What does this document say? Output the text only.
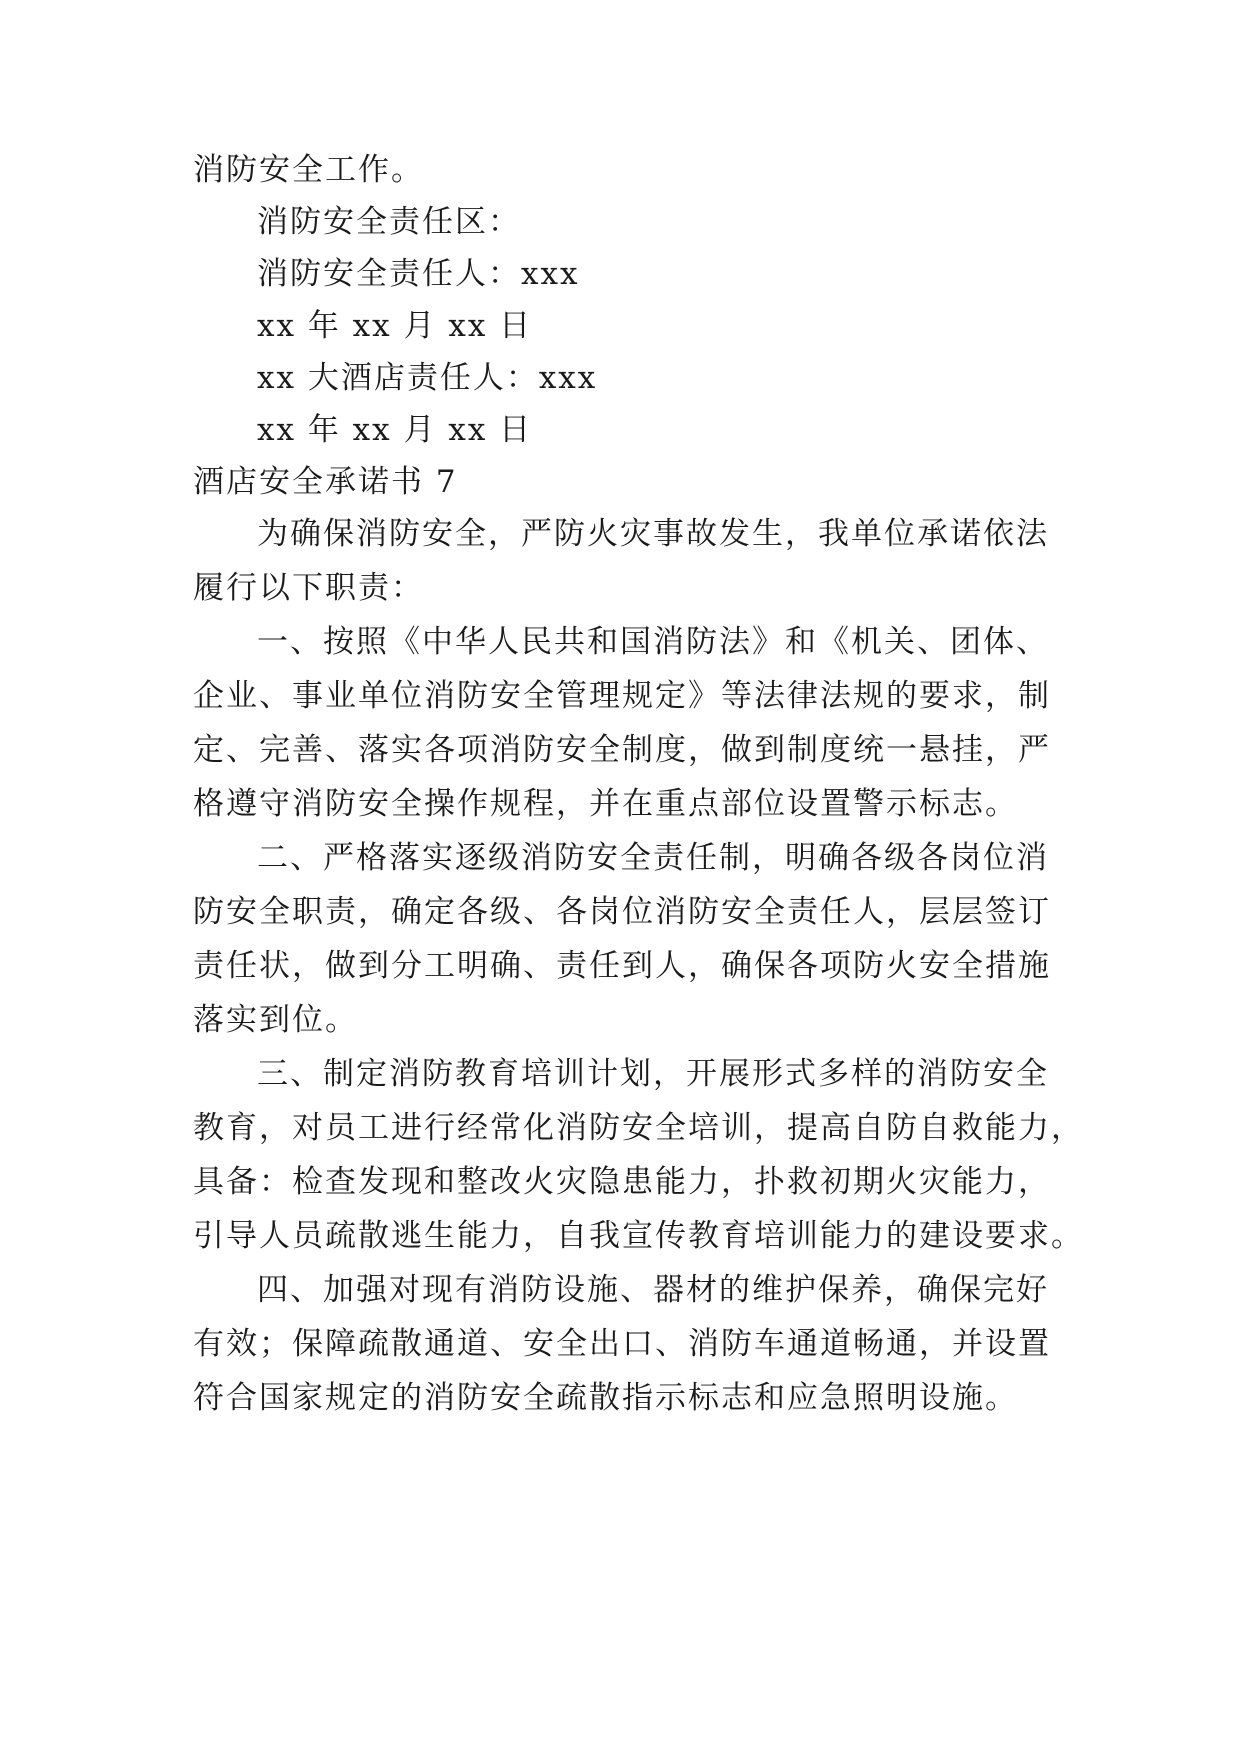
消防安全工作。
消防安全责任区：
消防安全责任人：xxx
xx 年 xx 月 xx 日
xx 大酒店责任人：xxx
xx 年 xx 月 xx 日
酒店安全承诺书 7
为确保消防安全，严防火灾事故发生，我单位承诺依法
履行以下职责：
一、按照《中华人民共和国消防法》和《机关、团体、
企业、事业单位消防安全管理规定》等法律法规的要求，制
定、完善、落实各项消防安全制度，做到制度统一悬挂，严
格遵守消防安全操作规程，并在重点部位设置警示标志。
二、严格落实逐级消防安全责任制，明确各级各岗位消
防安全职责，确定各级、各岗位消防安全责任人，层层签订
责任状，做到分工明确、责任到人，确保各项防火安全措施
落实到位。
三、制定消防教育培训计划，开展形式多样的消防安全
教育，对员工进行经常化消防安全培训，提高自防自救能力，
具备：检查发现和整改火灾隐患能力，扑救初期火灾能力，
引导人员疏散逃生能力，自我宣传教育培训能力的建设要求。
四、加强对现有消防设施、器材的维护保养，确保完好
有效；保障疏散通道、安全出口、消防车通道畅通，并设置
符合国家规定的消防安全疏散指示标志和应急照明设施。
